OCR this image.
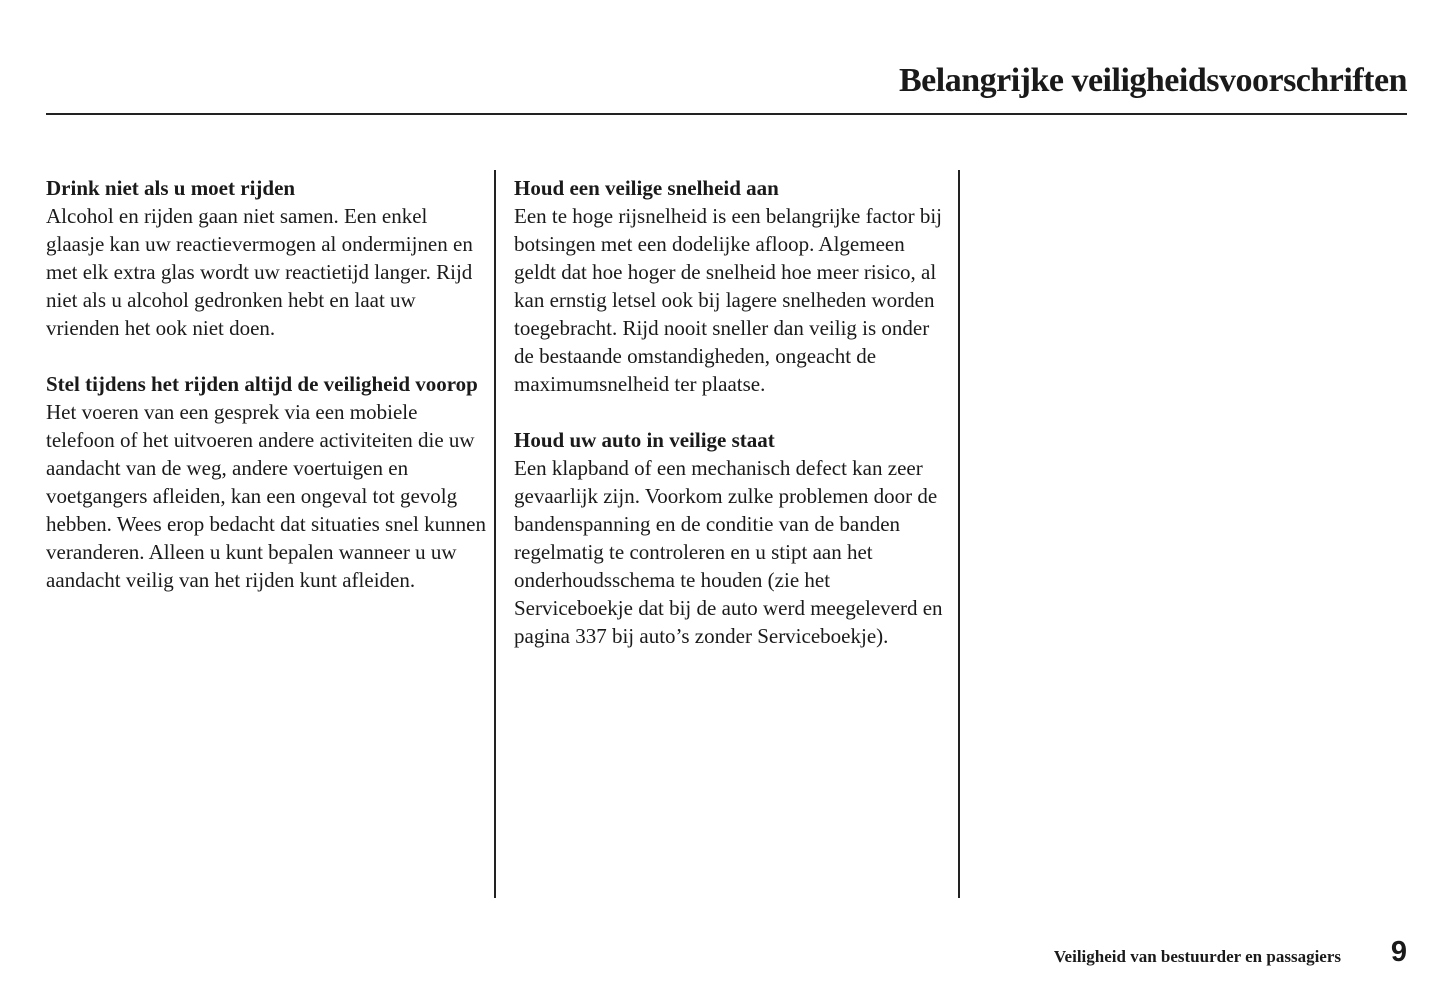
Belangrijke veiligheidsvoorschriften

Drink niet als u moet rijden

Alcohol en rijden gaan niet samen. Een enkel glaasje kan uw reactievermogen al ondermijnen en met elk extra glas wordt uw reactietijd langer. Rijd niet als u alcohol gedronken hebt en laat uw vrienden het ook niet doen.

Stel tijdens het rijden altijd de veiligheid voorop

Het voeren van een gesprek via een mobiele telefoon of het uitvoeren andere activiteiten die uw aandacht van de weg, andere voertuigen en voetgangers afleiden, kan een ongeval tot gevolg hebben. Wees erop bedacht dat situaties snel kunnen veranderen. Alleen u kunt bepalen wanneer u uw aandacht veilig van het rijden kunt afleiden.

Houd een veilige snelheid aan

Een te hoge rijsnelheid is een belangrijke factor bij botsingen met een dodelijke afloop. Algemeen geldt dat hoe hoger de snelheid hoe meer risico, al kan ernstig letsel ook bij lagere snelheden worden toegebracht. Rijd nooit sneller dan veilig is onder de bestaande omstandigheden, ongeacht de maximumsnelheid ter plaatse.

Houd uw auto in veilige staat

Een klapband of een mechanisch defect kan zeer gevaarlijk zijn. Voorkom zulke problemen door de bandenspanning en de conditie van de banden regelmatig te controleren en u stipt aan het onderhoudsschema te houden (zie het Serviceboekje dat bij de auto werd meegeleverd en pagina 337 bij auto’s zonder Serviceboekje).

Veiligheid van bestuurder en passagiers 9
